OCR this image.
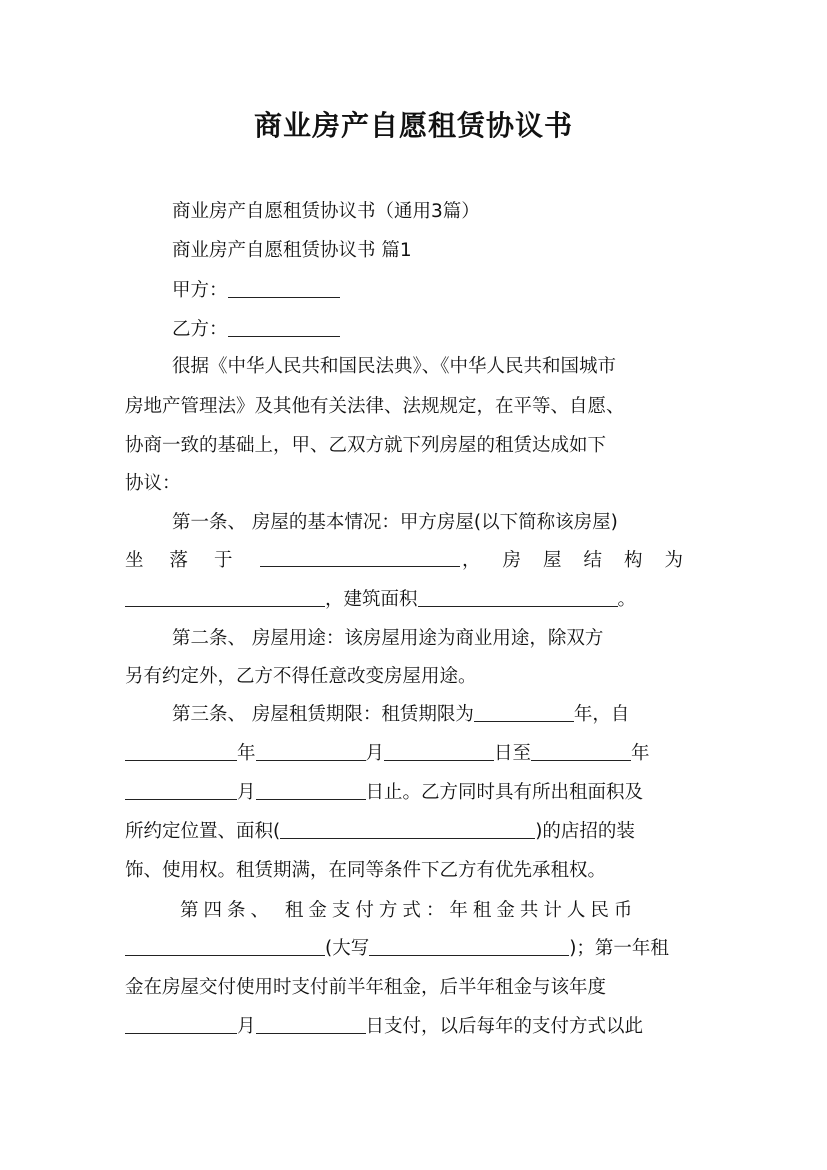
商业房产自愿租赁协议书
商业房产自愿租赁协议书（通用3篇）
商业房产自愿租赁协议书 篇1
甲方：
乙方：
很据《中华人民共和国民法典》、《中华人民共和国城市
房地产管理法》及其他有关法律、法规规定，在平等、自愿、
协商一致的基础上，甲、乙双方就下列房屋的租赁达成如下
协议：
第一条、 房屋的基本情况：甲方房屋(以下简称该房屋)
坐落于	，房屋结构为
，建筑面积	。
第二条、 房屋用途：该房屋用途为商业用途，除双方
另有约定外，乙方不得任意改变房屋用途。
第三条、 房屋租赁期限：租赁期限为	年，自
年	月	日至	年
月	日止。乙方同时具有所出租面积及
所约定位置、面积(	)的店招的装
饰、使用权。租赁期满，在同等条件下乙方有优先承租权。
第四条、 租金支付方式：年租金共计人民币
(大写	)；第一年租
金在房屋交付使用时支付前半年租金，后半年租金与该年度
月	日支付，以后每年的支付方式以此
